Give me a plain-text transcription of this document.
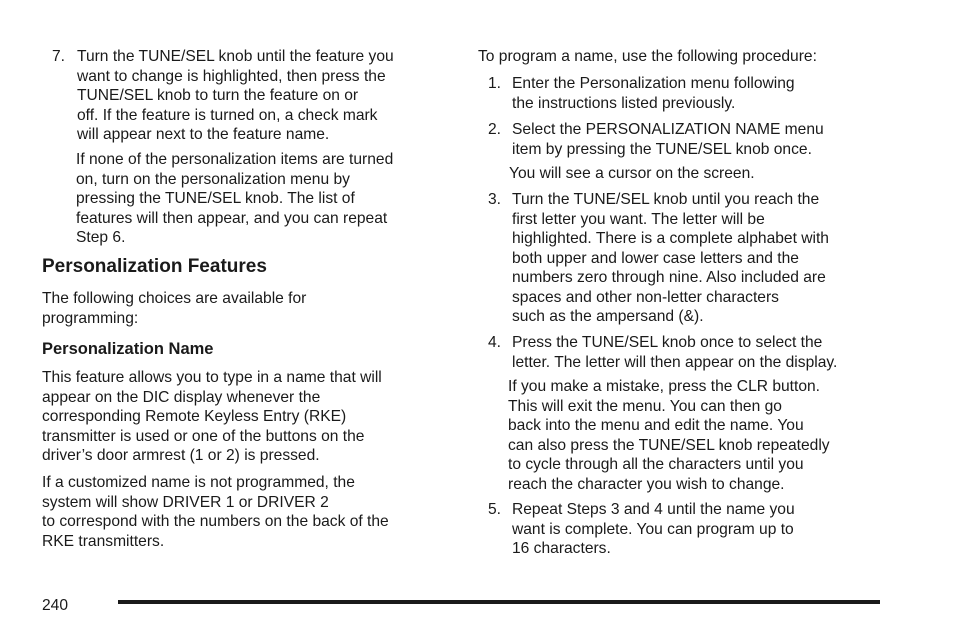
7. Turn the TUNE/SEL knob until the feature you
want to change is highlighted, then press the
TUNE/SEL knob to turn the feature on or
off. If the feature is turned on, a check mark
will appear next to the feature name.
If none of the personalization items are turned
on, turn on the personalization menu by
pressing the TUNE/SEL knob. The list of
features will then appear, and you can repeat
Step 6.
Personalization Features
The following choices are available for
programming:
Personalization Name
This feature allows you to type in a name that will
appear on the DIC display whenever the
corresponding Remote Keyless Entry (RKE)
transmitter is used or one of the buttons on the
driver’s door armrest (1 or 2) is pressed.
If a customized name is not programmed, the
system will show DRIVER 1 or DRIVER 2
to correspond with the numbers on the back of the
RKE transmitters.
To program a name, use the following procedure:
1. Enter the Personalization menu following
the instructions listed previously.
2. Select the PERSONALIZATION NAME menu
item by pressing the TUNE/SEL knob once.
You will see a cursor on the screen.
3. Turn the TUNE/SEL knob until you reach the
first letter you want. The letter will be
highlighted. There is a complete alphabet with
both upper and lower case letters and the
numbers zero through nine. Also included are
spaces and other non-letter characters
such as the ampersand (&).
4. Press the TUNE/SEL knob once to select the
letter. The letter will then appear on the display.
If you make a mistake, press the CLR button.
This will exit the menu. You can then go
back into the menu and edit the name. You
can also press the TUNE/SEL knob repeatedly
to cycle through all the characters until you
reach the character you wish to change.
5. Repeat Steps 3 and 4 until the name you
want is complete. You can program up to
16 characters.
240
